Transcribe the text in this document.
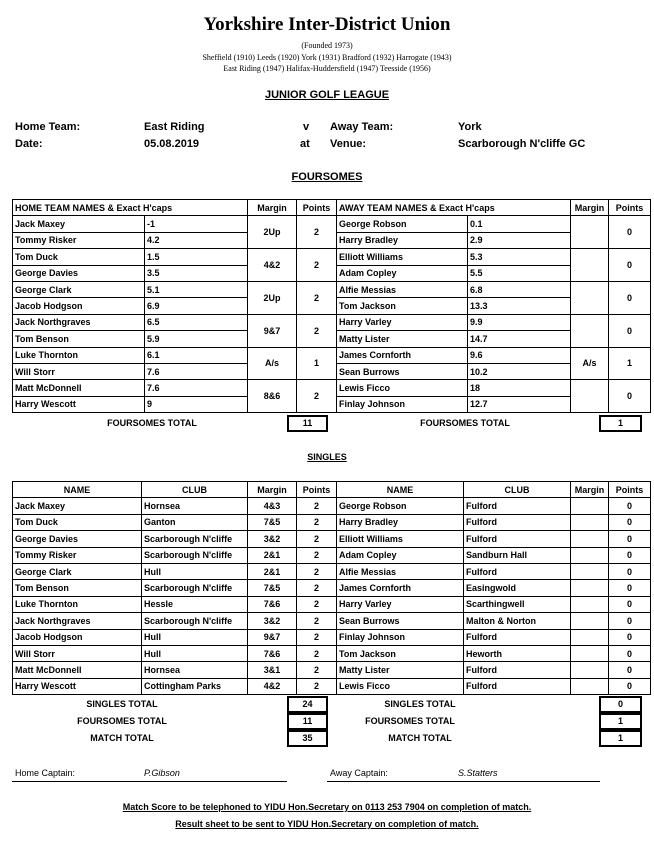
Yorkshire Inter-District Union
(Founded 1973)
Sheffield (1910) Leeds (1920) York (1931) Bradford (1932) Harrogate (1943)
East Riding (1947) Halifax-Huddersfield (1947) Teesside (1956)
JUNIOR GOLF LEAGUE
Home Team:	East Riding	v Away Team:	York
Date:	05.08.2019	at Venue:	Scarborough N'cliffe GC
FOURSOMES
HOME TEAM NAMES & Exact H'caps		Margin	Points	AWAY TEAM NAMES & Exact H'caps		Margin	Points
Jack Maxey	-1	2Up	2	George Robson	0.1		0
Tommy Risker	4.2			Harry Bradley	2.9		
Tom Duck	1.5	4&2	2	Elliott Williams	5.3		0
George Davies	3.5			Adam Copley	5.5		
George Clark	5.1	2Up	2	Alfie Messias	6.8		0
Jacob Hodgson	6.9			Tom Jackson	13.3		
Jack Northgraves	6.5	9&7	2	Harry Varley	9.9		0
Tom Benson	5.9			Matty Lister	14.7		
Luke Thornton	6.1	A/s	1	James Cornforth	9.6	A/s	1
Will Storr	7.6			Sean Burrows	10.2		
Matt McDonnell	7.6	8&6	2	Lewis Ficco	18		0
Harry Wescott	9			Finlay Johnson	12.7		
FOURSOMES TOTAL	11	FOURSOMES TOTAL	1
SINGLES
NAME	CLUB	Margin	Points	NAME	CLUB	Margin	Points
Jack Maxey	Hornsea	4&3	2	George Robson	Fulford		0
Tom Duck	Ganton	7&5	2	Harry Bradley	Fulford		0
George Davies	Scarborough N'cliffe	3&2	2	Elliott Williams	Fulford		0
Tommy Risker	Scarborough N'cliffe	2&1	2	Adam Copley	Sandburn Hall		0
George Clark	Hull	2&1	2	Alfie Messias	Fulford		0
Tom Benson	Scarborough N'cliffe	7&5	2	James Cornforth	Easingwold		0
Luke Thornton	Hessle	7&6	2	Harry Varley	Scarthingwell		0
Jack Northgraves	Scarborough N'cliffe	3&2	2	Sean Burrows	Malton & Norton		0
Jacob Hodgson	Hull	9&7	2	Finlay Johnson	Fulford		0
Will Storr	Hull	7&6	2	Tom Jackson	Heworth		0
Matt McDonnell	Hornsea	3&1	2	Matty Lister	Fulford		0
Harry Wescott	Cottingham Parks	4&2	2	Lewis Ficco	Fulford		0
SINGLES TOTAL	24	SINGLES TOTAL	0
FOURSOMES TOTAL	11	FOURSOMES TOTAL	1
MATCH TOTAL	35	MATCH TOTAL	1
Home Captain:	P.Gibson	Away Captain:	S.Statters
Match Score to be telephoned to YIDU Hon.Secretary on 0113 253 7904 on completion of match.
Result sheet to be sent to YIDU Hon.Secretary on completion of match.
